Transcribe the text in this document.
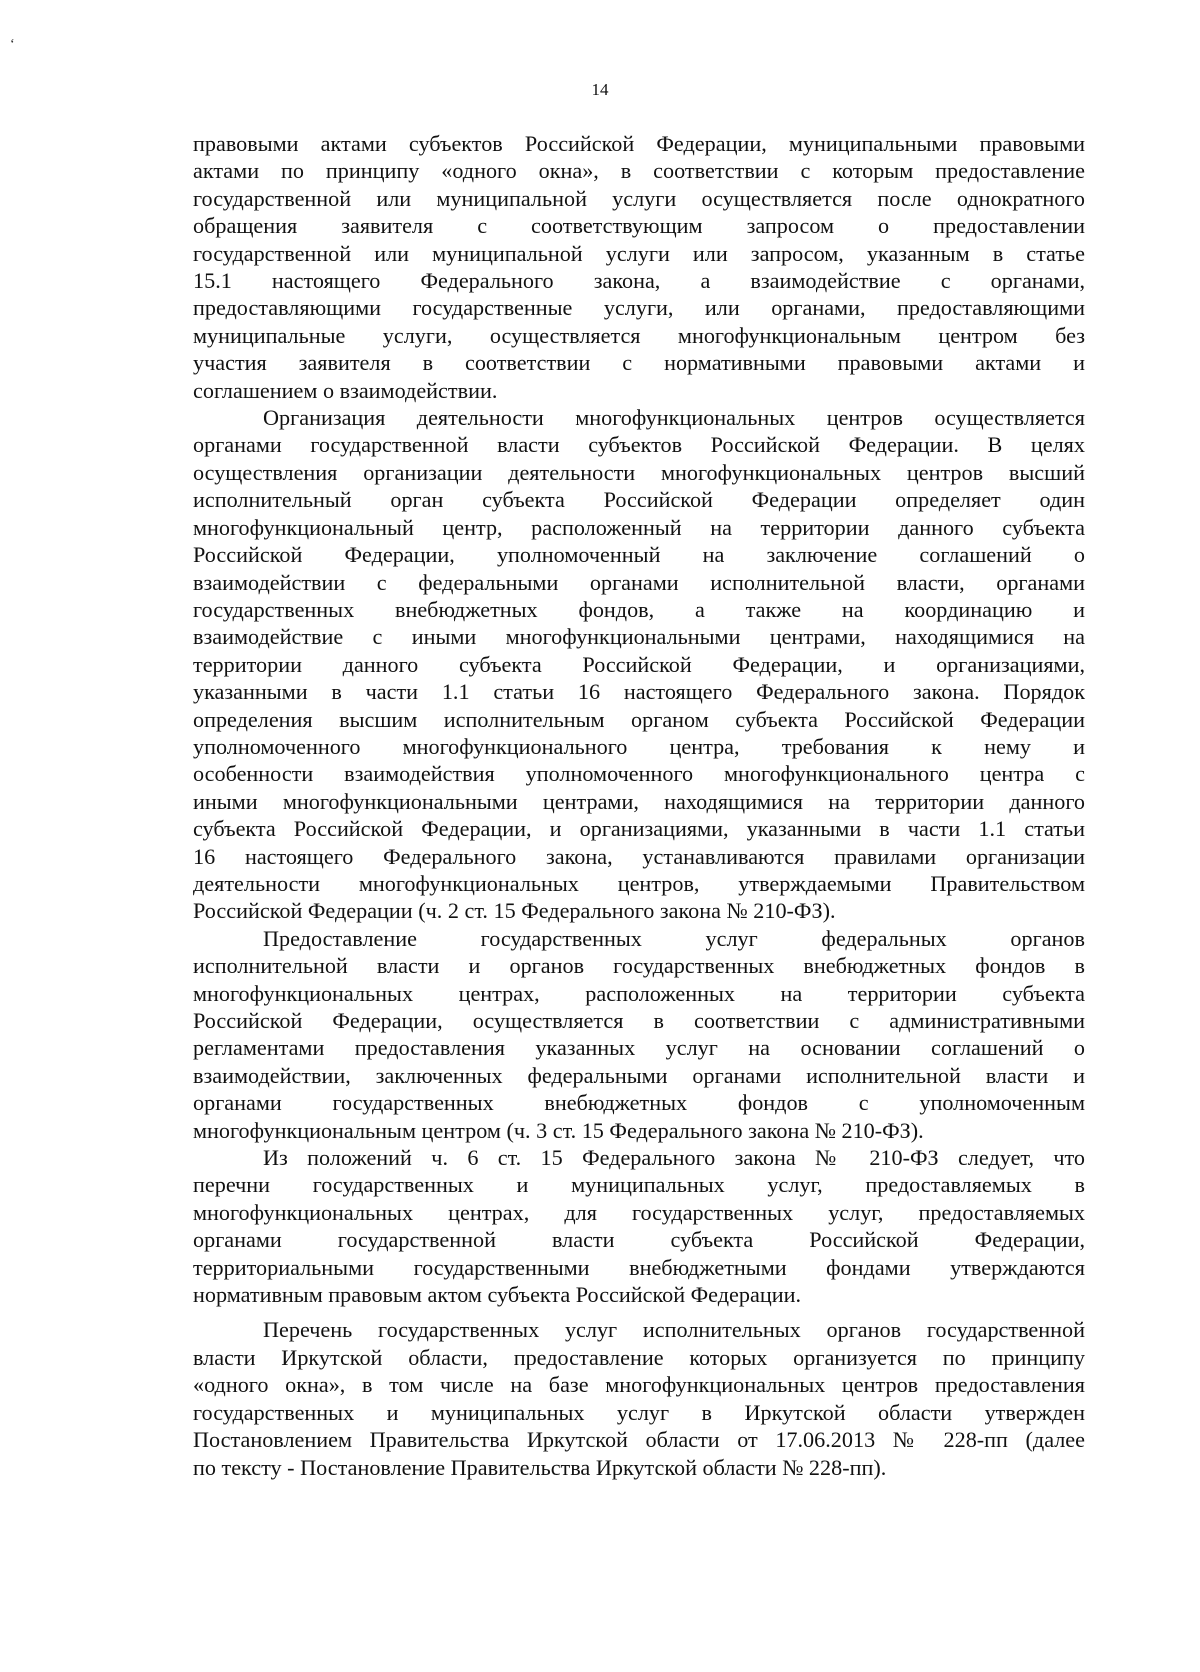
‘
14

правовыми актами субъектов Российской Федерации, муниципальными правовыми
актами по принципу «одного окна», в соответствии с которым предоставление
государственной или муниципальной услуги осуществляется после однократного
обращения заявителя с соответствующим запросом о предоставлении
государственной или муниципальной услуги или запросом, указанным в статье
15.1 настоящего Федерального закона, а взаимодействие с органами,
предоставляющими государственные услуги, или органами, предоставляющими
муниципальные услуги, осуществляется многофункциональным центром без
участия заявителя в соответствии с нормативными правовыми актами и
соглашением о взаимодействии.

Организация деятельности многофункциональных центров осуществляется
органами государственной власти субъектов Российской Федерации. В целях
осуществления организации деятельности многофункциональных центров высший
исполнительный орган субъекта Российской Федерации определяет один
многофункциональный центр, расположенный на территории данного субъекта
Российской Федерации, уполномоченный на заключение соглашений о
взаимодействии с федеральными органами исполнительной власти, органами
государственных внебюджетных фондов, а также на координацию и
взаимодействие с иными многофункциональными центрами, находящимися на
территории данного субъекта Российской Федерации, и организациями,
указанными в части 1.1 статьи 16 настоящего Федерального закона. Порядок
определения высшим исполнительным органом субъекта Российской Федерации
уполномоченного многофункционального центра, требования к нему и
особенности взаимодействия уполномоченного многофункционального центра с
иными многофункциональными центрами, находящимися на территории данного
субъекта Российской Федерации, и организациями, указанными в части 1.1 статьи
16 настоящего Федерального закона, устанавливаются правилами организации
деятельности многофункциональных центров, утверждаемыми Правительством
Российской Федерации (ч. 2 ст. 15 Федерального закона № 210-ФЗ).

Предоставление государственных услуг федеральных органов
исполнительной власти и органов государственных внебюджетных фондов в
многофункциональных центрах, расположенных на территории субъекта
Российской Федерации, осуществляется в соответствии с административными
регламентами предоставления указанных услуг на основании соглашений о
взаимодействии, заключенных федеральными органами исполнительной власти и
органами государственных внебюджетных фондов с уполномоченным
многофункциональным центром (ч. 3 ст. 15 Федерального закона № 210-ФЗ).

Из положений ч. 6 ст. 15 Федерального закона № 210-ФЗ следует, что
перечни государственных и муниципальных услуг, предоставляемых в
многофункциональных центрах, для государственных услуг, предоставляемых
органами государственной власти субъекта Российской Федерации,
территориальными государственными внебюджетными фондами утверждаются
нормативным правовым актом субъекта Российской Федерации.

Перечень государственных услуг исполнительных органов государственной
власти Иркутской области, предоставление которых организуется по принципу
«одного окна», в том числе на базе многофункциональных центров предоставления
государственных и муниципальных услуг в Иркутской области утвержден
Постановлением Правительства Иркутской области от 17.06.2013 № 228-пп (далее
по тексту - Постановление Правительства Иркутской области № 228-пп).
